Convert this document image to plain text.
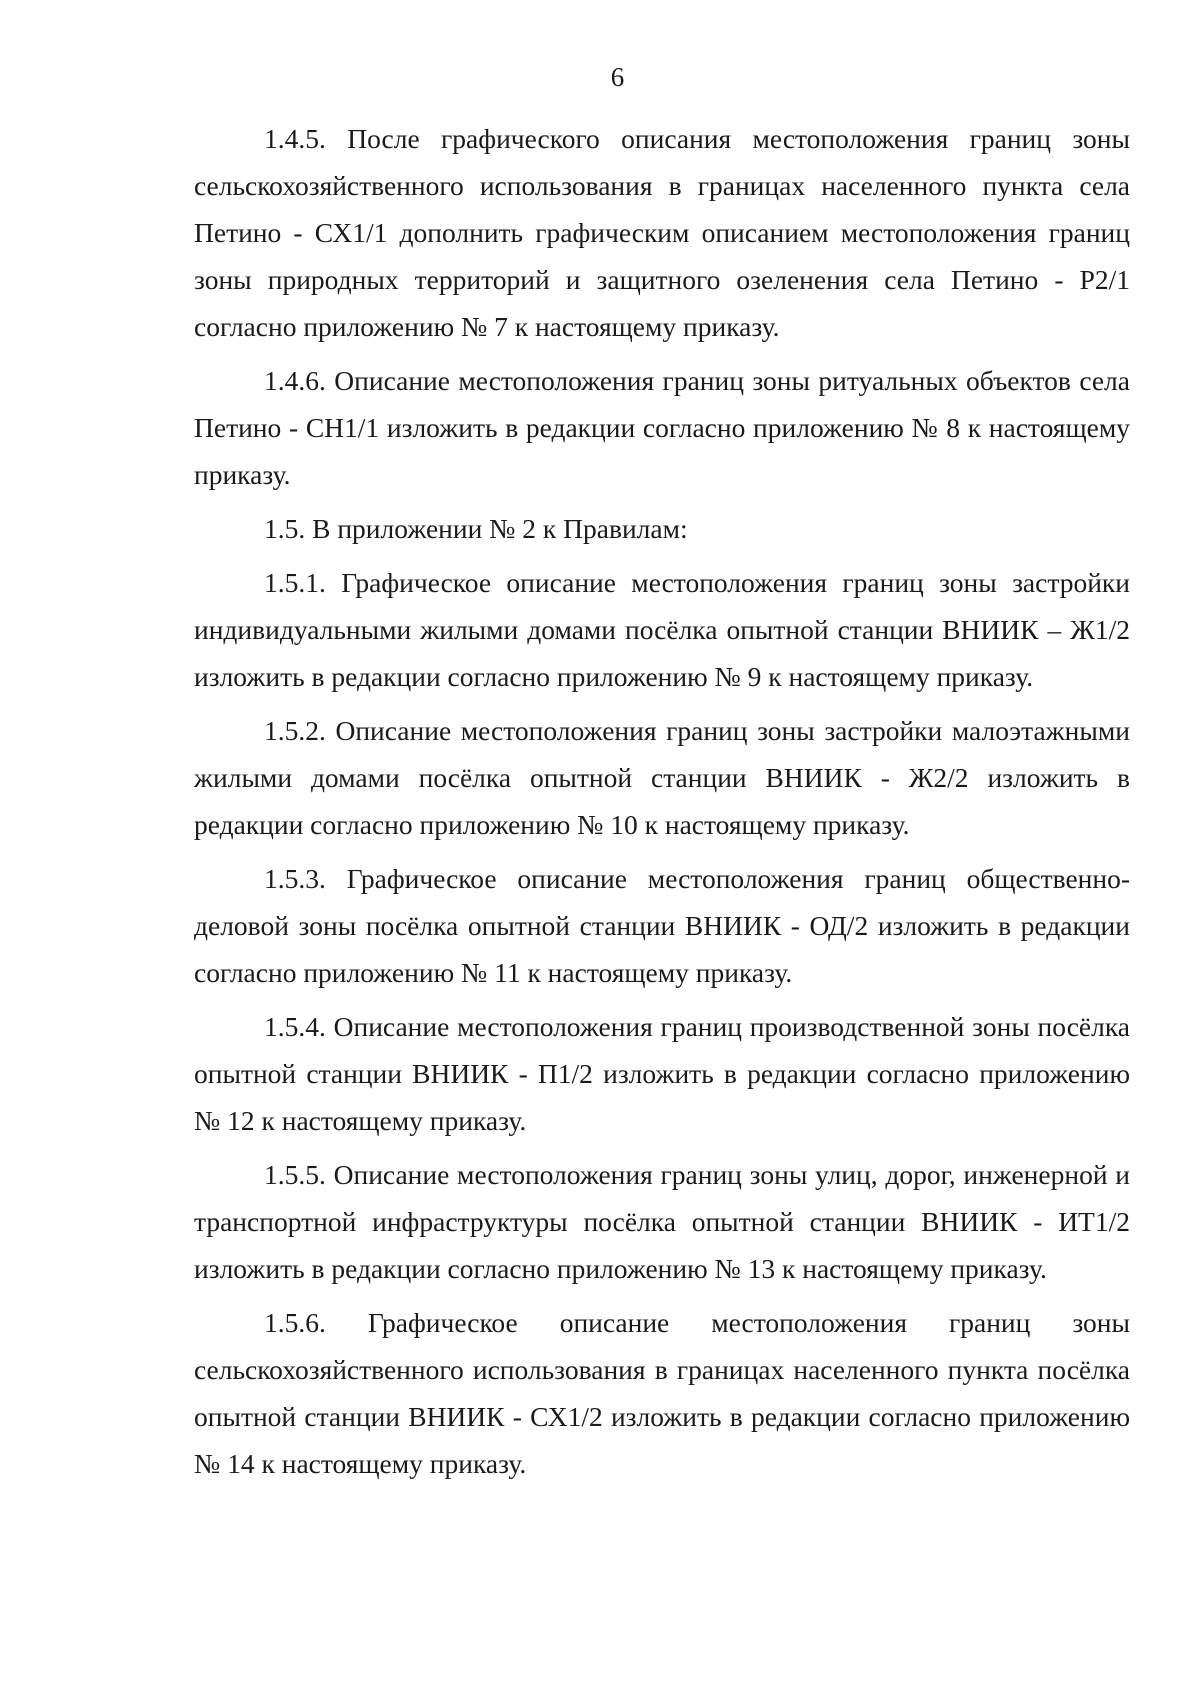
6

1.4.5. После графического описания местоположения границ зоны сельскохозяйственного использования в границах населенного пункта села Петино - СХ1/1 дополнить графическим описанием местоположения границ зоны природных территорий и защитного озеленения села Петино - Р2/1 согласно приложению № 7 к настоящему приказу.

1.4.6. Описание местоположения границ зоны ритуальных объектов села Петино - СН1/1 изложить в редакции согласно приложению № 8 к настоящему приказу.

1.5. В приложении № 2 к Правилам:

1.5.1. Графическое описание местоположения границ зоны застройки индивидуальными жилыми домами посёлка опытной станции ВНИИК – Ж1/2 изложить в редакции согласно приложению № 9 к настоящему приказу.

1.5.2. Описание местоположения границ зоны застройки малоэтажными жилыми домами посёлка опытной станции ВНИИК - Ж2/2 изложить в редакции согласно приложению № 10 к настоящему приказу.

1.5.3. Графическое описание местоположения границ общественно-деловой зоны посёлка опытной станции ВНИИК - ОД/2 изложить в редакции согласно приложению № 11 к настоящему приказу.

1.5.4. Описание местоположения границ производственной зоны посёлка опытной станции ВНИИК - П1/2 изложить в редакции согласно приложению № 12 к настоящему приказу.

1.5.5. Описание местоположения границ зоны улиц, дорог, инженерной и транспортной инфраструктуры посёлка опытной станции ВНИИК - ИТ1/2 изложить в редакции согласно приложению № 13 к настоящему приказу.

1.5.6. Графическое описание местоположения границ зоны сельскохозяйственного использования в границах населенного пункта посёлка опытной станции ВНИИК - СХ1/2 изложить в редакции согласно приложению № 14 к настоящему приказу.
